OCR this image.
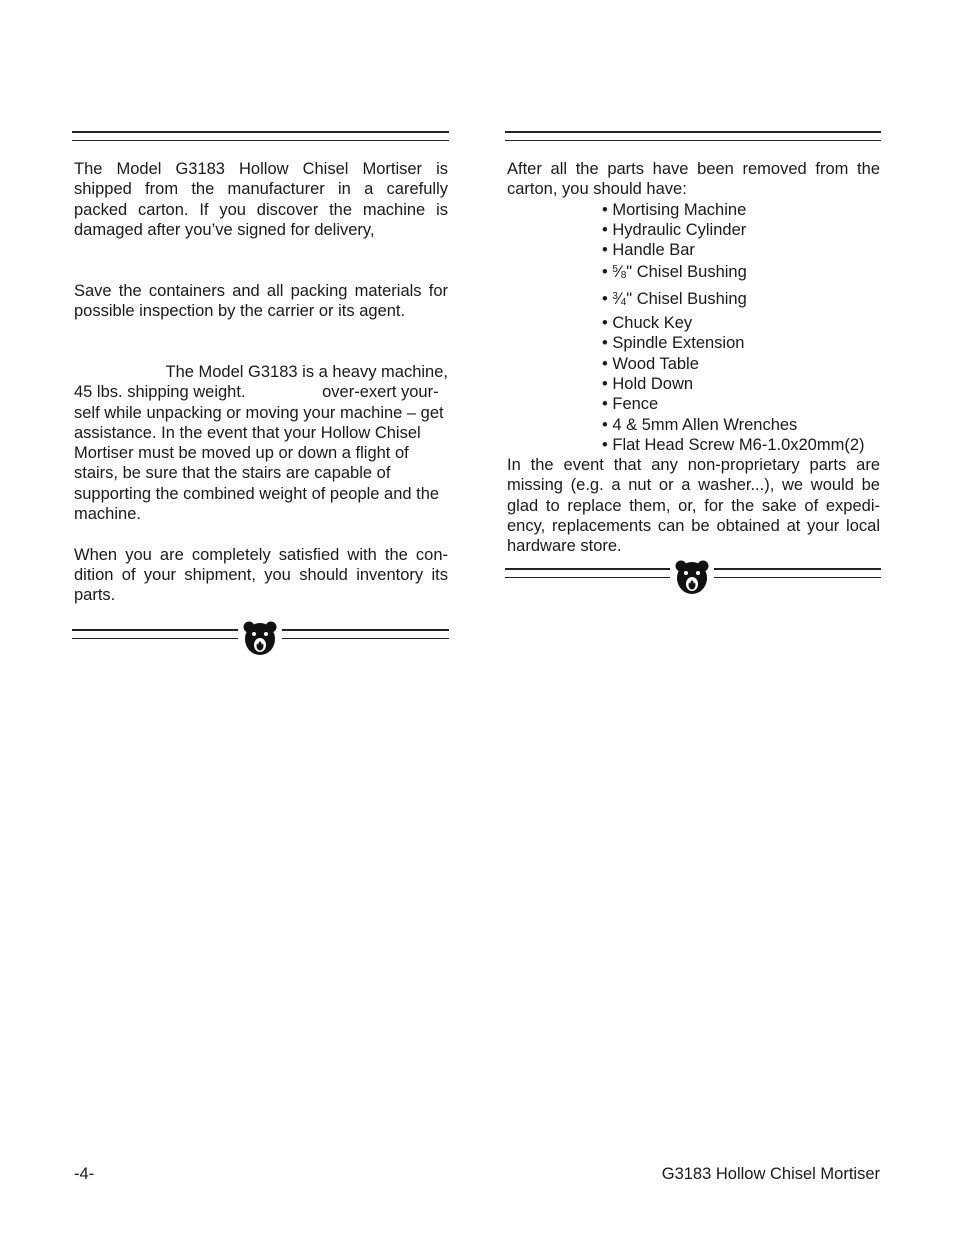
The Model G3183 Hollow Chisel Mortiser is shipped from the manufacturer in a carefully packed carton. If you discover the machine is damaged after you’ve signed for delivery,

Save the containers and all packing materials for possible inspection by the carrier or its agent.

The Model G3183 is a heavy machine,
45 lbs. shipping weight.	over-exert your-self while unpacking or moving your machine – get assistance. In the event that your Hollow Chisel Mortiser must be moved up or down a flight of stairs, be sure that the stairs are capable of supporting the combined weight of people and the machine.

When you are completely satisfied with the con-dition of your shipment, you should inventory its parts.

After all the parts have been removed from the carton, you should have:

• Mortising Machine
• Hydraulic Cylinder
• Handle Bar
• $^5$⁄8" Chisel Bushing
• $^3$⁄4" Chisel Bushing
• Chuck Key
• Spindle Extension
• Wood Table
• Hold Down
• Fence
• 4 & 5mm Allen Wrenches
• Flat Head Screw M6-1.0x20mm(2)

In the event that any non-proprietary parts are missing (e.g. a nut or a washer...), we would be glad to replace them, or, for the sake of expedi-ency, replacements can be obtained at your local hardware store.

-4-	G3183 Hollow Chisel Mortiser
